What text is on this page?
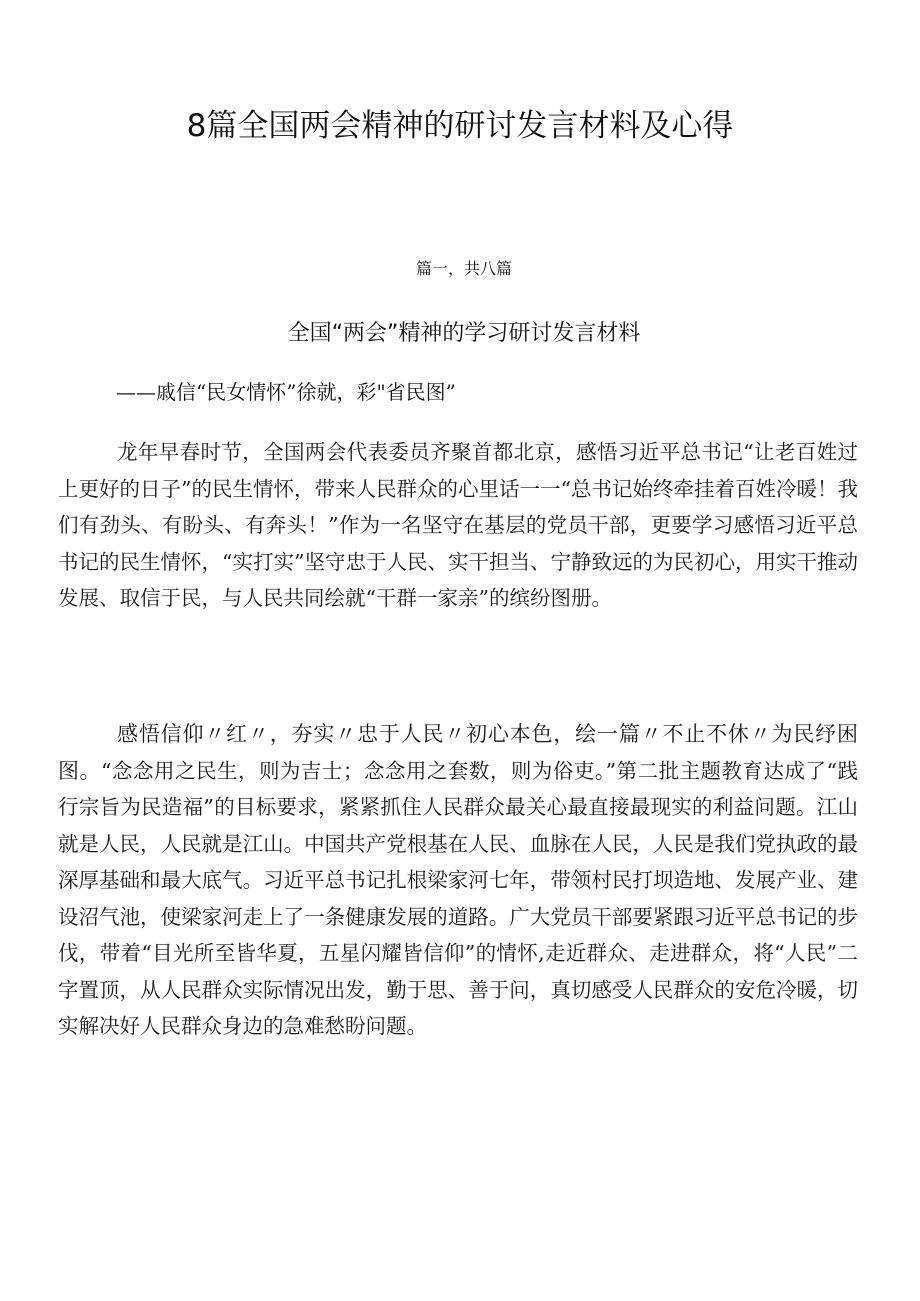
8篇全国两会精神的研讨发言材料及心得
篇一，共八篇
全国“两会”精神的学习研讨发言材料
——戚信“民女情怀”徐就，彩"省民图”

龙年早春时节，全国两会代表委员齐聚首都北京，感悟习近平总书记“让老百姓过上更好的日子”的民生情怀，带来人民群众的心里话一一“总书记始终牵挂着百姓冷暖！我们有劲头、有盼头、有奔头！”作为一名坚守在基层的党员干部，更要学习感悟习近平总书记的民生情怀，“实打实”坚守忠于人民、实干担当、宁静致远的为民初心，用实干推动发展、取信于民，与人民共同绘就“干群一家亲”的缤纷图册。

感悟信仰〃红〃，夯实〃忠于人民〃初心本色，绘一篇〃不止不休〃为民纾困图。“念念用之民生，则为吉士；念念用之套数，则为俗吏。”第二批主题教育达成了“践行宗旨为民造福”的目标要求，紧紧抓住人民群众最关心最直接最现实的利益问题。江山就是人民，人民就是江山。中国共产党根基在人民、血脉在人民，人民是我们党执政的最深厚基础和最大底气。习近平总书记扎根梁家河七年，带领村民打坝造地、发展产业、建设沼气池，使梁家河走上了一条健康发展的道路。广大党员干部要紧跟习近平总书记的步伐，带着“目光所至皆华夏，五星闪耀皆信仰”的情怀,走近群众、走进群众，将“人民”二字置顶，从人民群众实际情况出发，勤于思、善于问，真切感受人民群众的安危冷暖，切实解决好人民群众身边的急难愁盼问题。
